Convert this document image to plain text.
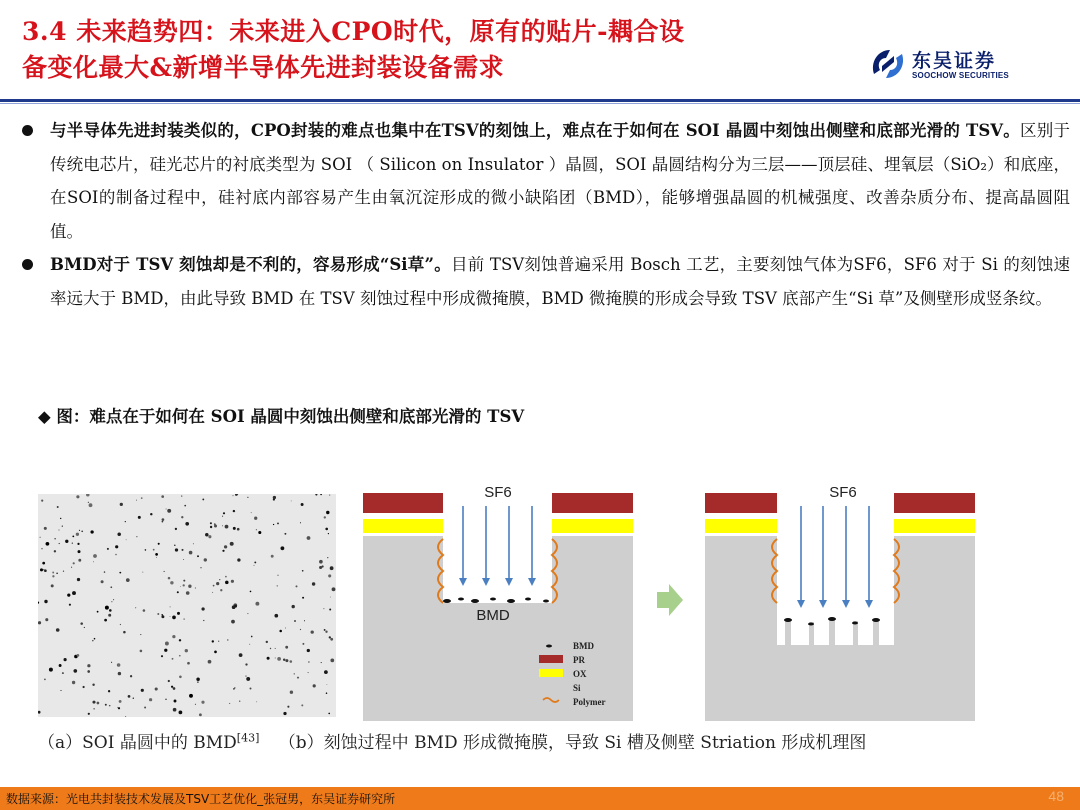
3.4 未来趋势四：未来进入CPO时代，原有的贴片-耦合设
备变化最大&新增半导体先进封装设备需求	东吴证券
SOOCHOW SECURITIES
与半导体先进封装类似的，CPO封装的难点也集中在TSV的刻蚀上，难点在于如何在 SOI 晶圆中刻蚀出侧壁和底部光滑的 TSV。区别于传统电芯片，硅光芯片的衬底类型为 SOI （ Silicon on Insulator ）晶圆，SOI 晶圆结构分为三层——顶层硅、埋氧层（SiO₂）和底座，在SOI的制备过程中，硅衬底内部容易产生由氧沉淀形成的微小缺陷团（BMD），能够增强晶圆的机械强度、改善杂质分布、提高晶圆阻值。
BMD对于 TSV 刻蚀却是不利的，容易形成“Si草”。目前 TSV刻蚀普遍采用 Bosch 工艺，主要刻蚀气体为SF6，SF6 对于 Si 的刻蚀速率远大于 BMD，由此导致 BMD 在 TSV 刻蚀过程中形成微掩膜，BMD 微掩膜的形成会导致 TSV 底部产生“Si 草”及侧壁形成竖条纹。
◆ 图：难点在于如何在 SOI 晶圆中刻蚀出侧壁和底部光滑的 TSV
SF6
BMD
BMD
PR
OX
Si
Polymer
SF6
（a）SOI 晶圆中的 BMD[43] （b）刻蚀过程中 BMD 形成微掩膜，导致 Si 槽及侧壁 Striation 形成机理图
数据来源：光电共封装技术发展及TSV工艺优化_张冠男，东吴证券研究所	48
